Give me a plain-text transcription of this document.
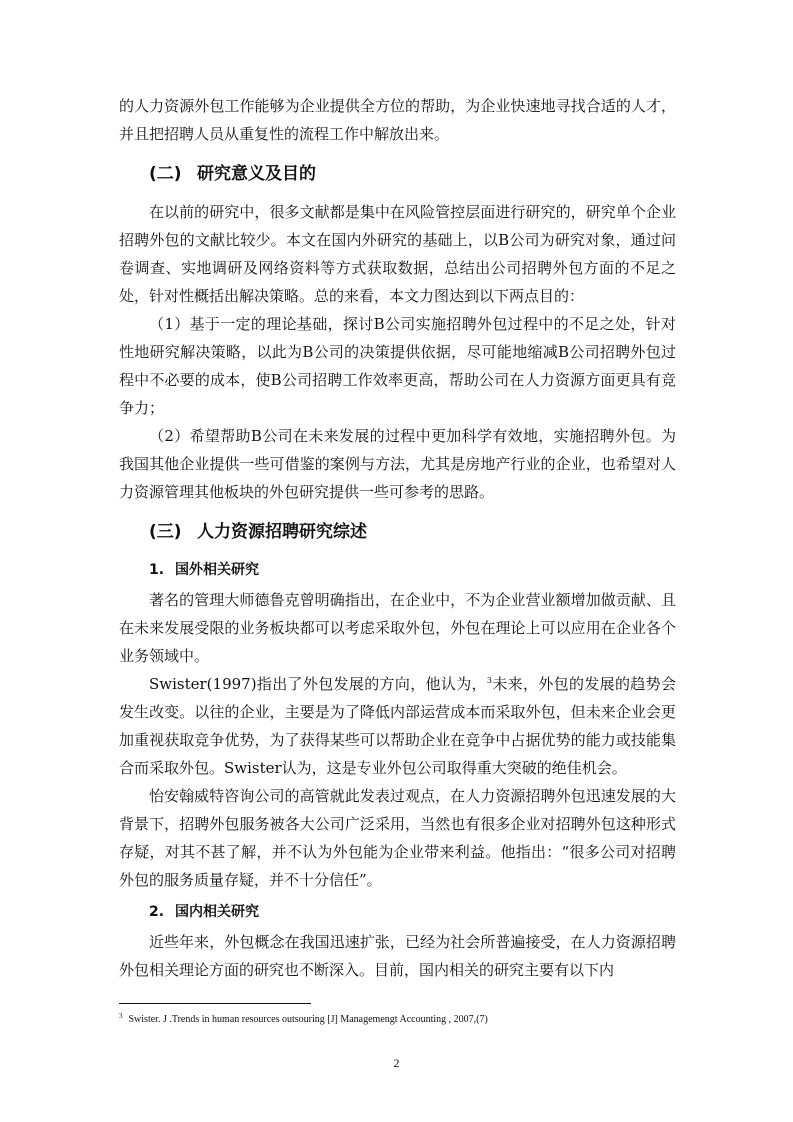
的人力资源外包工作能够为企业提供全方位的帮助，为企业快速地寻找合适的人才，并且把招聘人员从重复性的流程工作中解放出来。

(二) 研究意义及目的

在以前的研究中，很多文献都是集中在风险管控层面进行研究的，研究单个企业招聘外包的文献比较少。本文在国内外研究的基础上，以B公司为研究对象，通过问卷调查、实地调研及网络资料等方式获取数据，总结出公司招聘外包方面的不足之处，针对性概括出解决策略。总的来看，本文力图达到以下两点目的：

（1）基于一定的理论基础，探讨B公司实施招聘外包过程中的不足之处，针对性地研究解决策略，以此为B公司的决策提供依据，尽可能地缩减B公司招聘外包过程中不必要的成本，使B公司招聘工作效率更高，帮助公司在人力资源方面更具有竞争力；

（2）希望帮助B公司在未来发展的过程中更加科学有效地，实施招聘外包。为我国其他企业提供一些可借鉴的案例与方法，尤其是房地产行业的企业，也希望对人力资源管理其他板块的外包研究提供一些可参考的思路。

(三) 人力资源招聘研究综述
1. 国外相关研究

著名的管理大师德鲁克曾明确指出，在企业中，不为企业营业额增加做贡献、且在未来发展受限的业务板块都可以考虑采取外包，外包在理论上可以应用在企业各个业务领域中。

Swister(1997)指出了外包发展的方向，他认为，$^3$未来，外包的发展的趋势会发生改变。以往的企业，主要是为了降低内部运营成本而采取外包，但未来企业会更加重视获取竞争优势，为了获得某些可以帮助企业在竞争中占据优势的能力或技能集合而采取外包。Swister认为，这是专业外包公司取得重大突破的绝佳机会。

怡安翰威特咨询公司的高管就此发表过观点，在人力资源招聘外包迅速发展的大背景下，招聘外包服务被各大公司广泛采用，当然也有很多企业对招聘外包这种形式存疑，对其不甚了解，并不认为外包能为企业带来利益。他指出：“很多公司对招聘外包的服务质量存疑，并不十分信任”。

2. 国内相关研究

近些年来，外包概念在我国迅速扩张，已经为社会所普遍接受，在人力资源招聘外包相关理论方面的研究也不断深入。目前，国内相关的研究主要有以下内

$^3$ Swister. J .Trends in human resources outsouring [J] Managemengt Accounting , 2007,(7)
2
